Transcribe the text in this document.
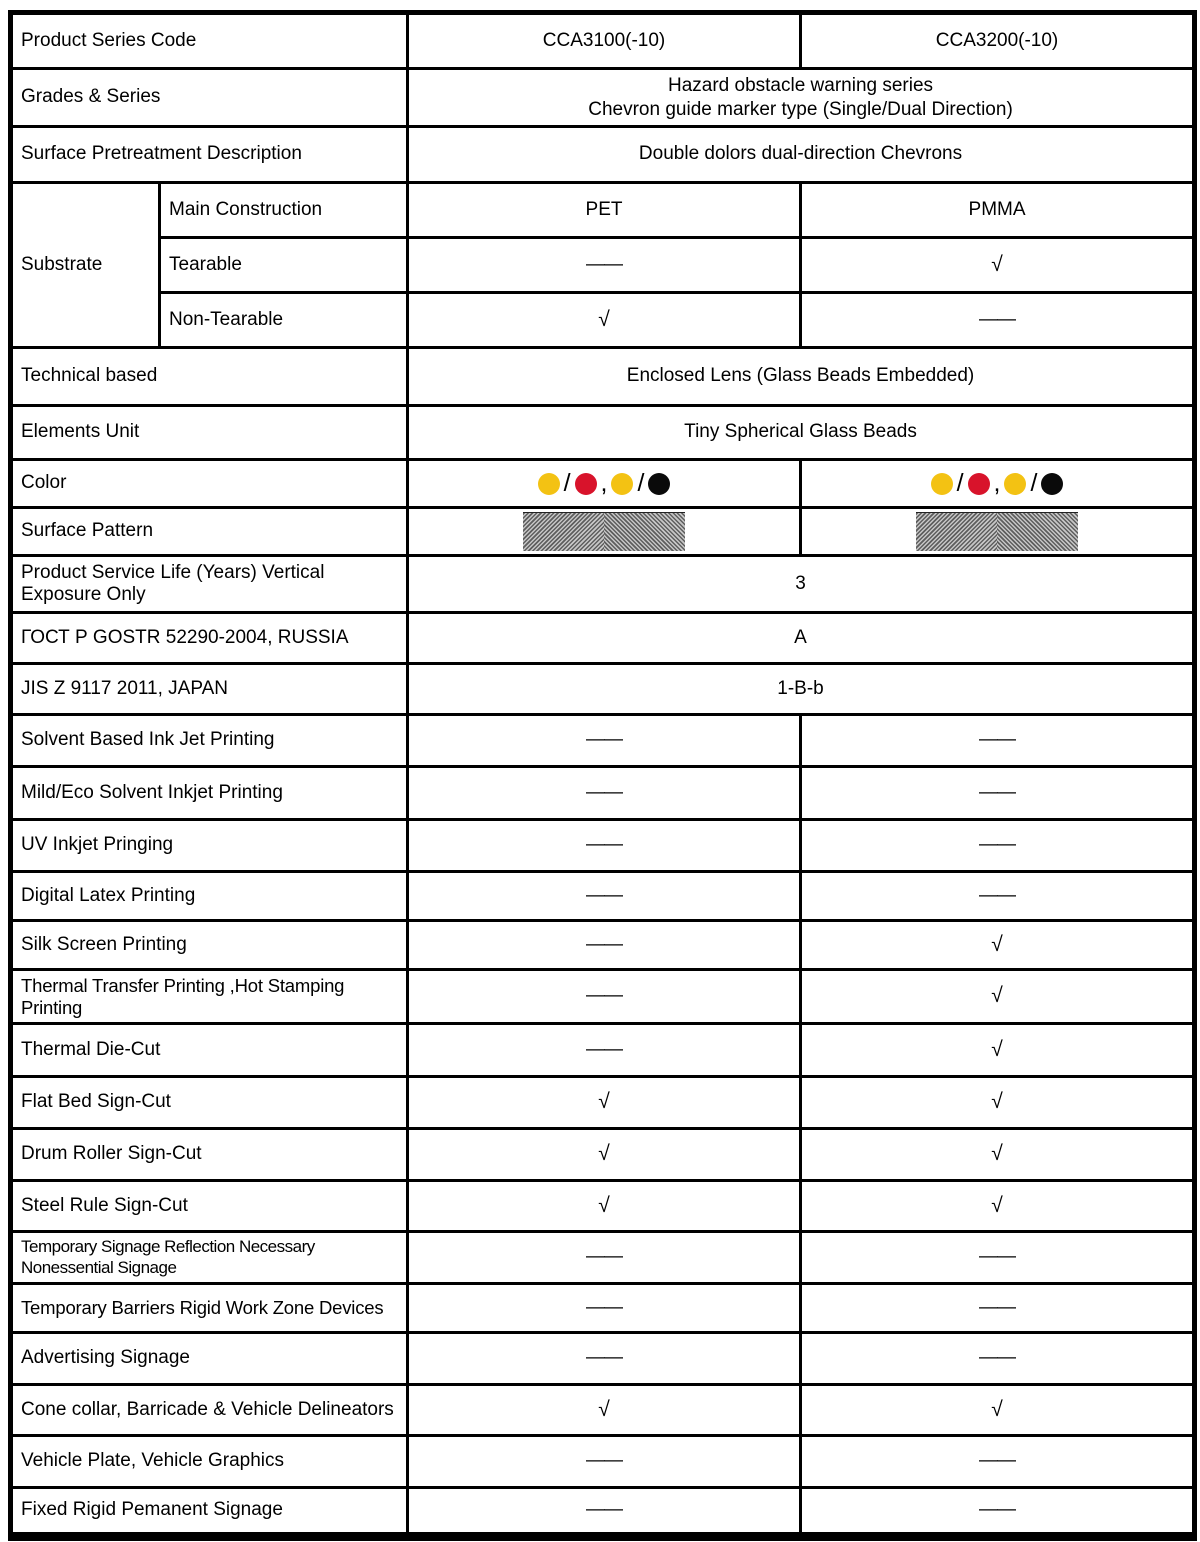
Product Series Code		CCA3100(-10)	CCA3200(-10)
Grades & Series		Hazard obstacle warning series
Chevron guide marker type (Single/Dual Direction)	

Surface Pretreatment Description		Double dolors dual-direction Chevrons	
Substrate	Main Construction	PET	PMMA
	Tearable	——	√
	Non-Tearable	√	——
Technical based		Enclosed Lens (Glass Beads Embedded)	
Elements Unit		Tiny Spherical Glass Beads	
Color		/ , /	/ , /

Surface Pattern		

Product Service Life (Years) Vertical Exposure Only		3	
ГОСТ Р GOSTR 52290-2004, RUSSIA		A	
JIS Z 9117 2011, JAPAN		1-B-b	
Solvent Based Ink Jet Printing		——	——
Mild/Eco Solvent Inkjet Printing		——	——
UV Inkjet Pringing		——	——
Digital Latex Printing		——	——
Silk Screen Printing		——	√
Thermal Transfer Printing ,Hot Stamping Printing		——	√
Thermal Die-Cut		——	√
Flat Bed Sign-Cut		√	√
Drum Roller Sign-Cut		√	√
Steel Rule Sign-Cut		√	√
Temporary Signage Reflection Necessary Nonessential Signage		——	——
Temporary Barriers Rigid Work Zone Devices		——	——
Advertising Signage		——	——
Cone collar, Barricade & Vehicle Delineators		√	√
Vehicle Plate, Vehicle Graphics		——	——
Fixed Rigid Pemanent Signage		——	——
